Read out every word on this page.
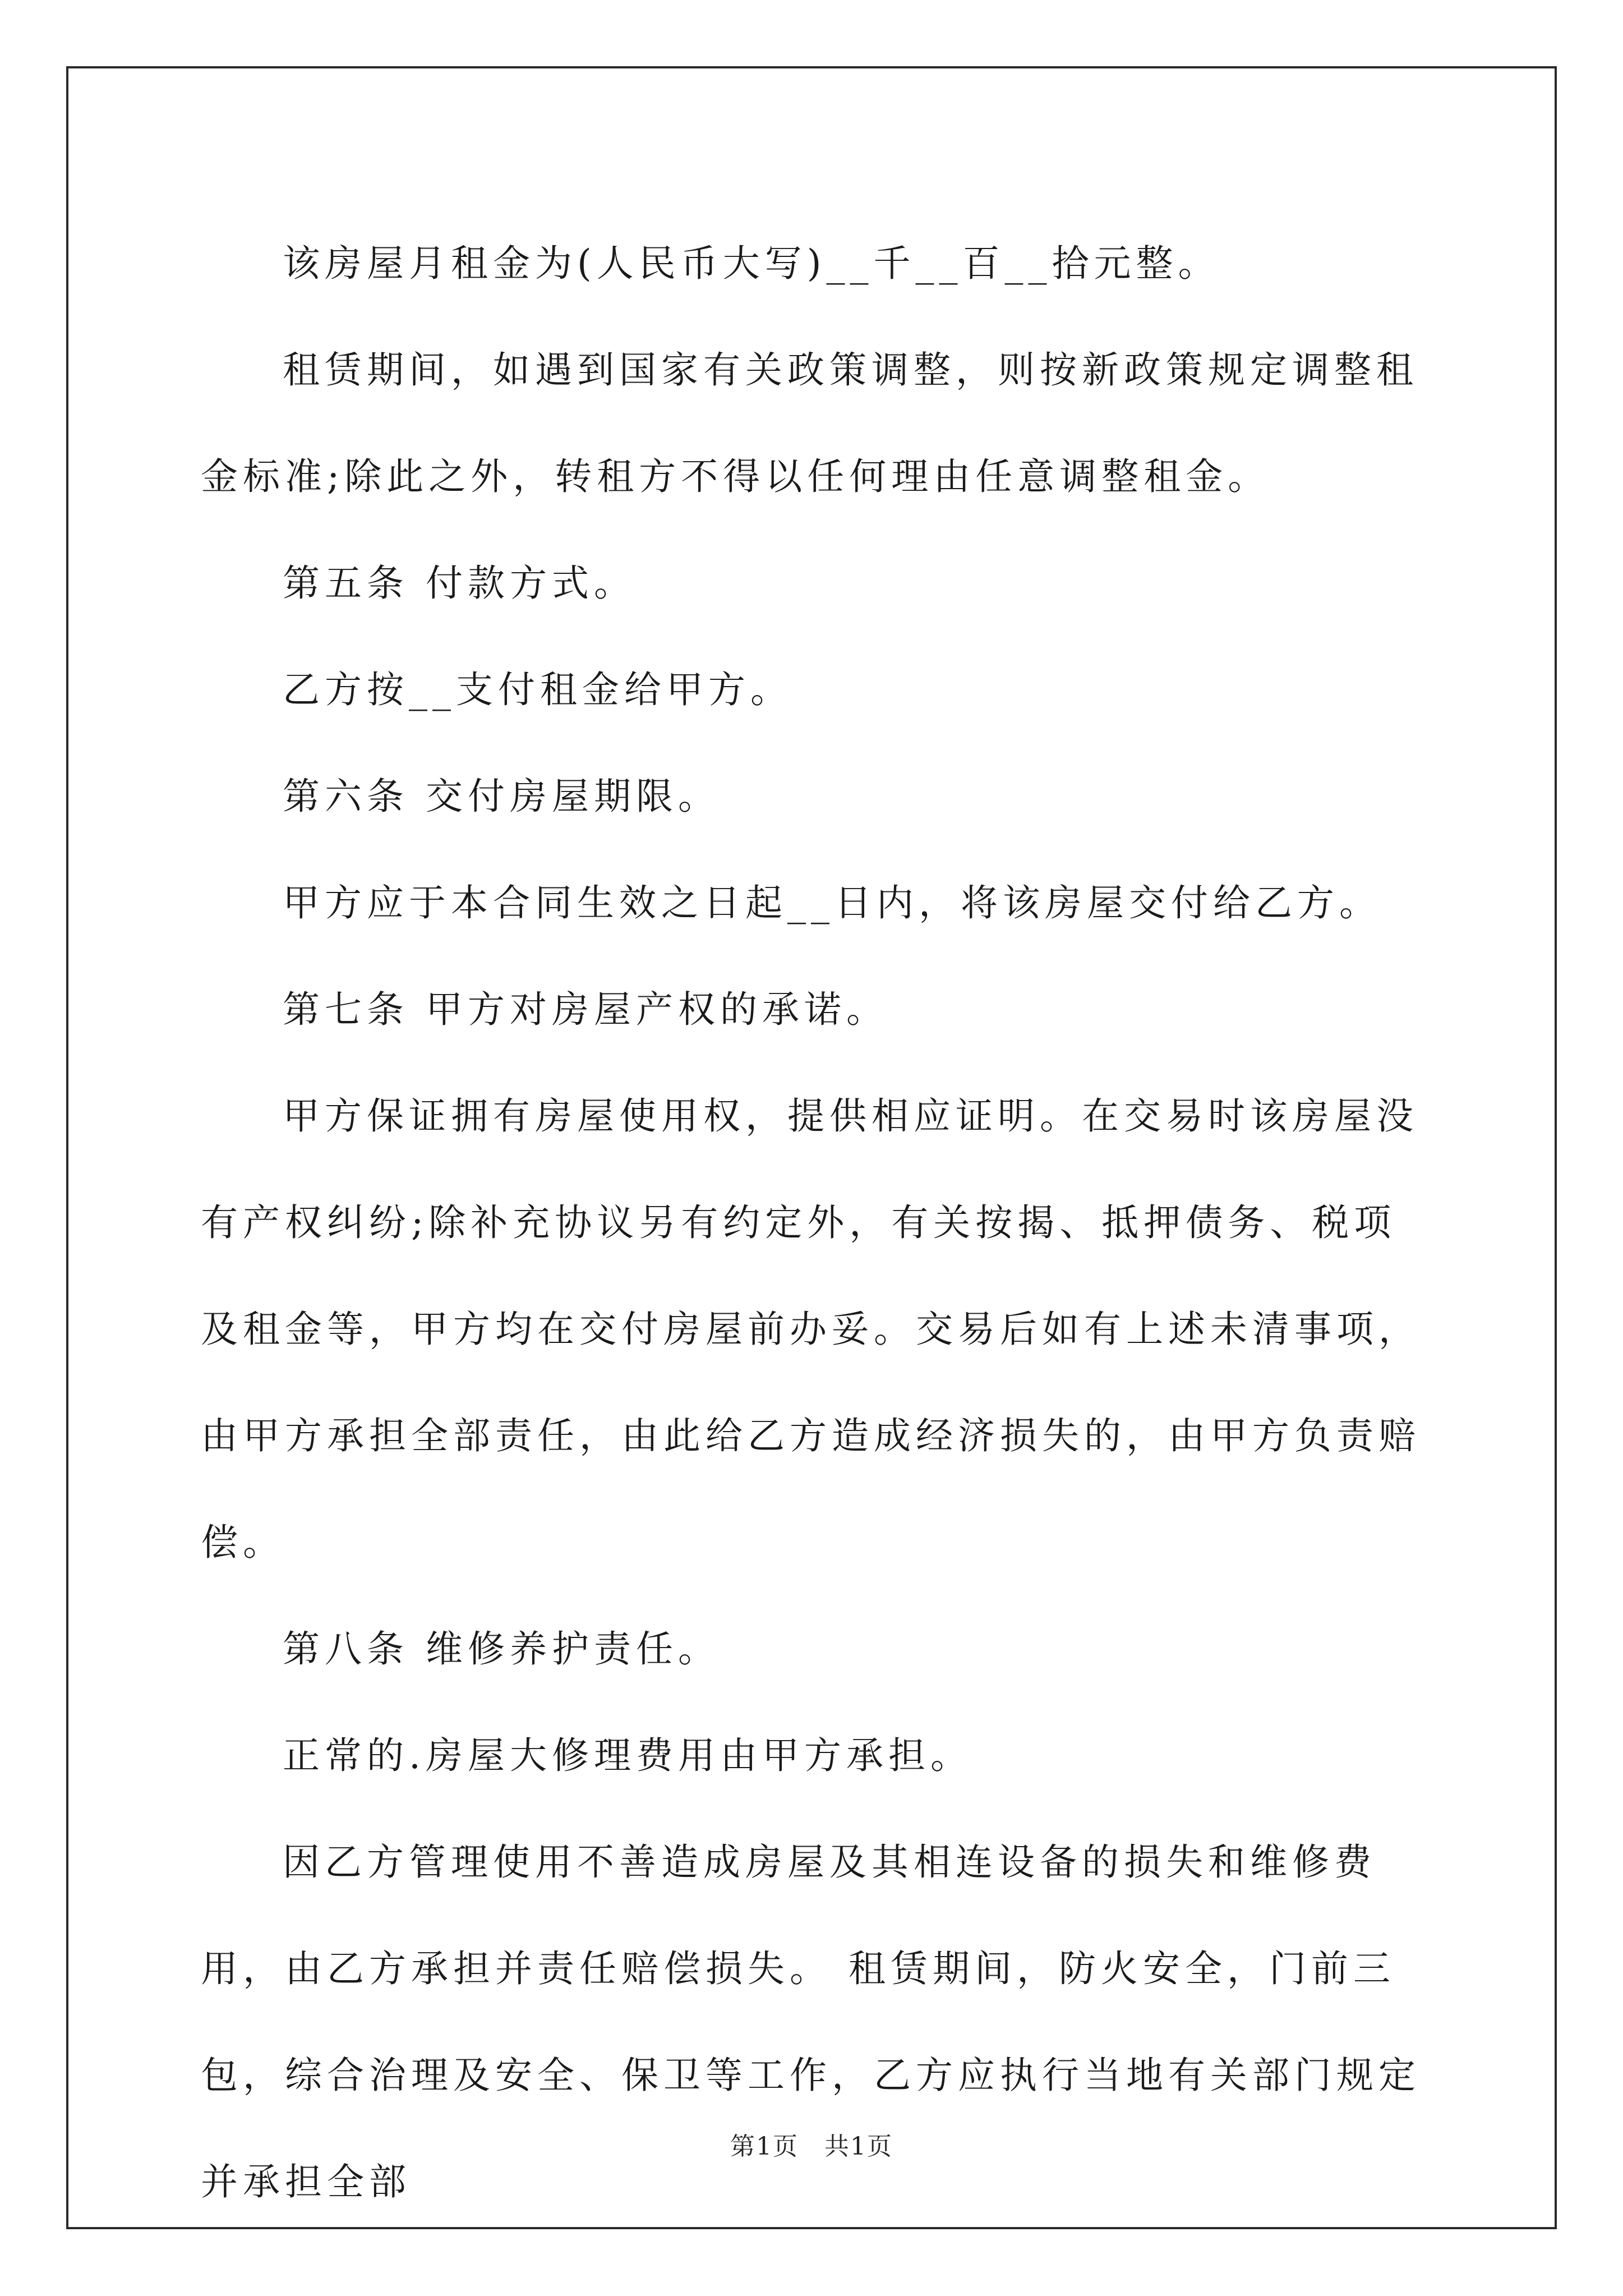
该房屋月租金为(人民币大写)__千__百__拾元整。

租赁期间，如遇到国家有关政策调整，则按新政策规定调整租金标准;除此之外，转租方不得以任何理由任意调整租金。

第五条 付款方式。

乙方按__支付租金给甲方。

第六条 交付房屋期限。

甲方应于本合同生效之日起__日内，将该房屋交付给乙方。

第七条 甲方对房屋产权的承诺。

甲方保证拥有房屋使用权，提供相应证明。在交易时该房屋没有产权纠纷;除补充协议另有约定外，有关按揭、抵押债务、税项及租金等，甲方均在交付房屋前办妥。交易后如有上述未清事项，由甲方承担全部责任，由此给乙方造成经济损失的，由甲方负责赔偿。

第八条 维修养护责任。

正常的.房屋大修理费用由甲方承担。

因乙方管理使用不善造成房屋及其相连设备的损失和维修费用，由乙方承担并责任赔偿损失。 租赁期间，防火安全，门前三包，综合治理及安全、保卫等工作，乙方应执行当地有关部门规定并承担全部

第1页　共1页
